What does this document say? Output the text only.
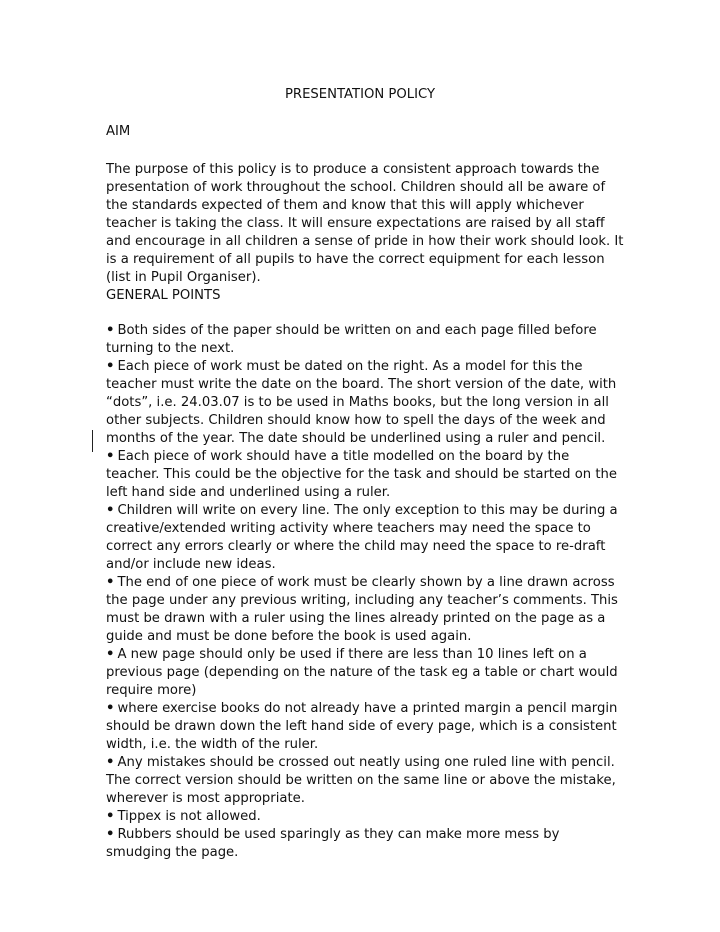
PRESENTATION POLICY
AIM
The purpose of this policy is to produce a consistent approach towards the presentation of work throughout the school. Children should all be aware of the standards expected of them and know that this will apply whichever teacher is taking the class. It will ensure expectations are raised by all staff and encourage in all children a sense of pride in how their work should look. It is a requirement of all pupils to have the correct equipment for each lesson (list in Pupil Organiser).
GENERAL POINTS
• Both sides of the paper should be written on and each page filled before turning to the next.
• Each piece of work must be dated on the right. As a model for this the teacher must write the date on the board. The short version of the date, with “dots”, i.e. 24.03.07 is to be used in Maths books, but the long version in all other subjects. Children should know how to spell the days of the week and months of the year. The date should be underlined using a ruler and pencil.
• Each piece of work should have a title modelled on the board by the teacher. This could be the objective for the task and should be started on the left hand side and underlined using a ruler.
• Children will write on every line. The only exception to this may be during a creative/extended writing activity where teachers may need the space to correct any errors clearly or where the child may need the space to re-draft and/or include new ideas.
• The end of one piece of work must be clearly shown by a line drawn across the page under any previous writing, including any teacher’s comments. This must be drawn with a ruler using the lines already printed on the page as a guide and must be done before the book is used again.
• A new page should only be used if there are less than 10 lines left on a previous page (depending on the nature of the task eg a table or chart would require more)
• where exercise books do not already have a printed margin a pencil margin should be drawn down the left hand side of every page, which is a consistent width, i.e. the width of the ruler.
• Any mistakes should be crossed out neatly using one ruled line with pencil. The correct version should be written on the same line or above the mistake, wherever is most appropriate.
• Tippex is not allowed.
• Rubbers should be used sparingly as they can make more mess by smudging the page.
